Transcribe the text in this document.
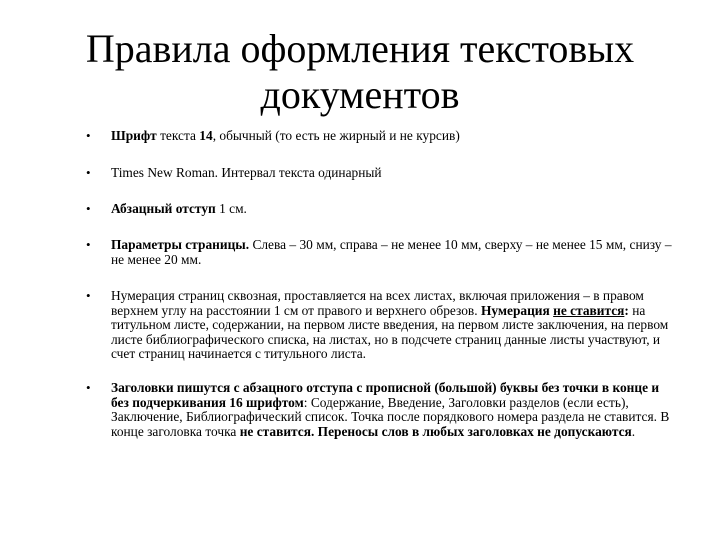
Правила оформления текстовых
документов
• Шрифт текста 14, обычный (то есть не жирный и не курсив)
• Times New Roman. Интервал текста одинарный
• Абзацный отступ 1 см.
• Параметры страницы. Слева – 30 мм, справа – не менее 10 мм, сверху – не менее 15 мм, снизу – не менее 20 мм.
• Нумерация страниц сквозная, проставляется на всех листах, включая приложения – в правом верхнем углу на расстоянии 1 см от правого и верхнего обрезов. Нумерация не ставится: на титульном листе, содержании, на первом листе введения, на первом листе заключения, на первом листе библиографического списка, на листах, но в подсчете страниц данные листы участвуют, и счет страниц начинается с титульного листа.
• Заголовки пишутся с абзацного отступа с прописной (большой) буквы без точки в конце и без подчеркивания 16 шрифтом: Содержание, Введение, Заголовки разделов (если есть), Заключение, Библиографический список. Точка после порядкового номера раздела не ставится. В конце заголовка точка не ставится. Переносы слов в любых заголовках не допускаются.
